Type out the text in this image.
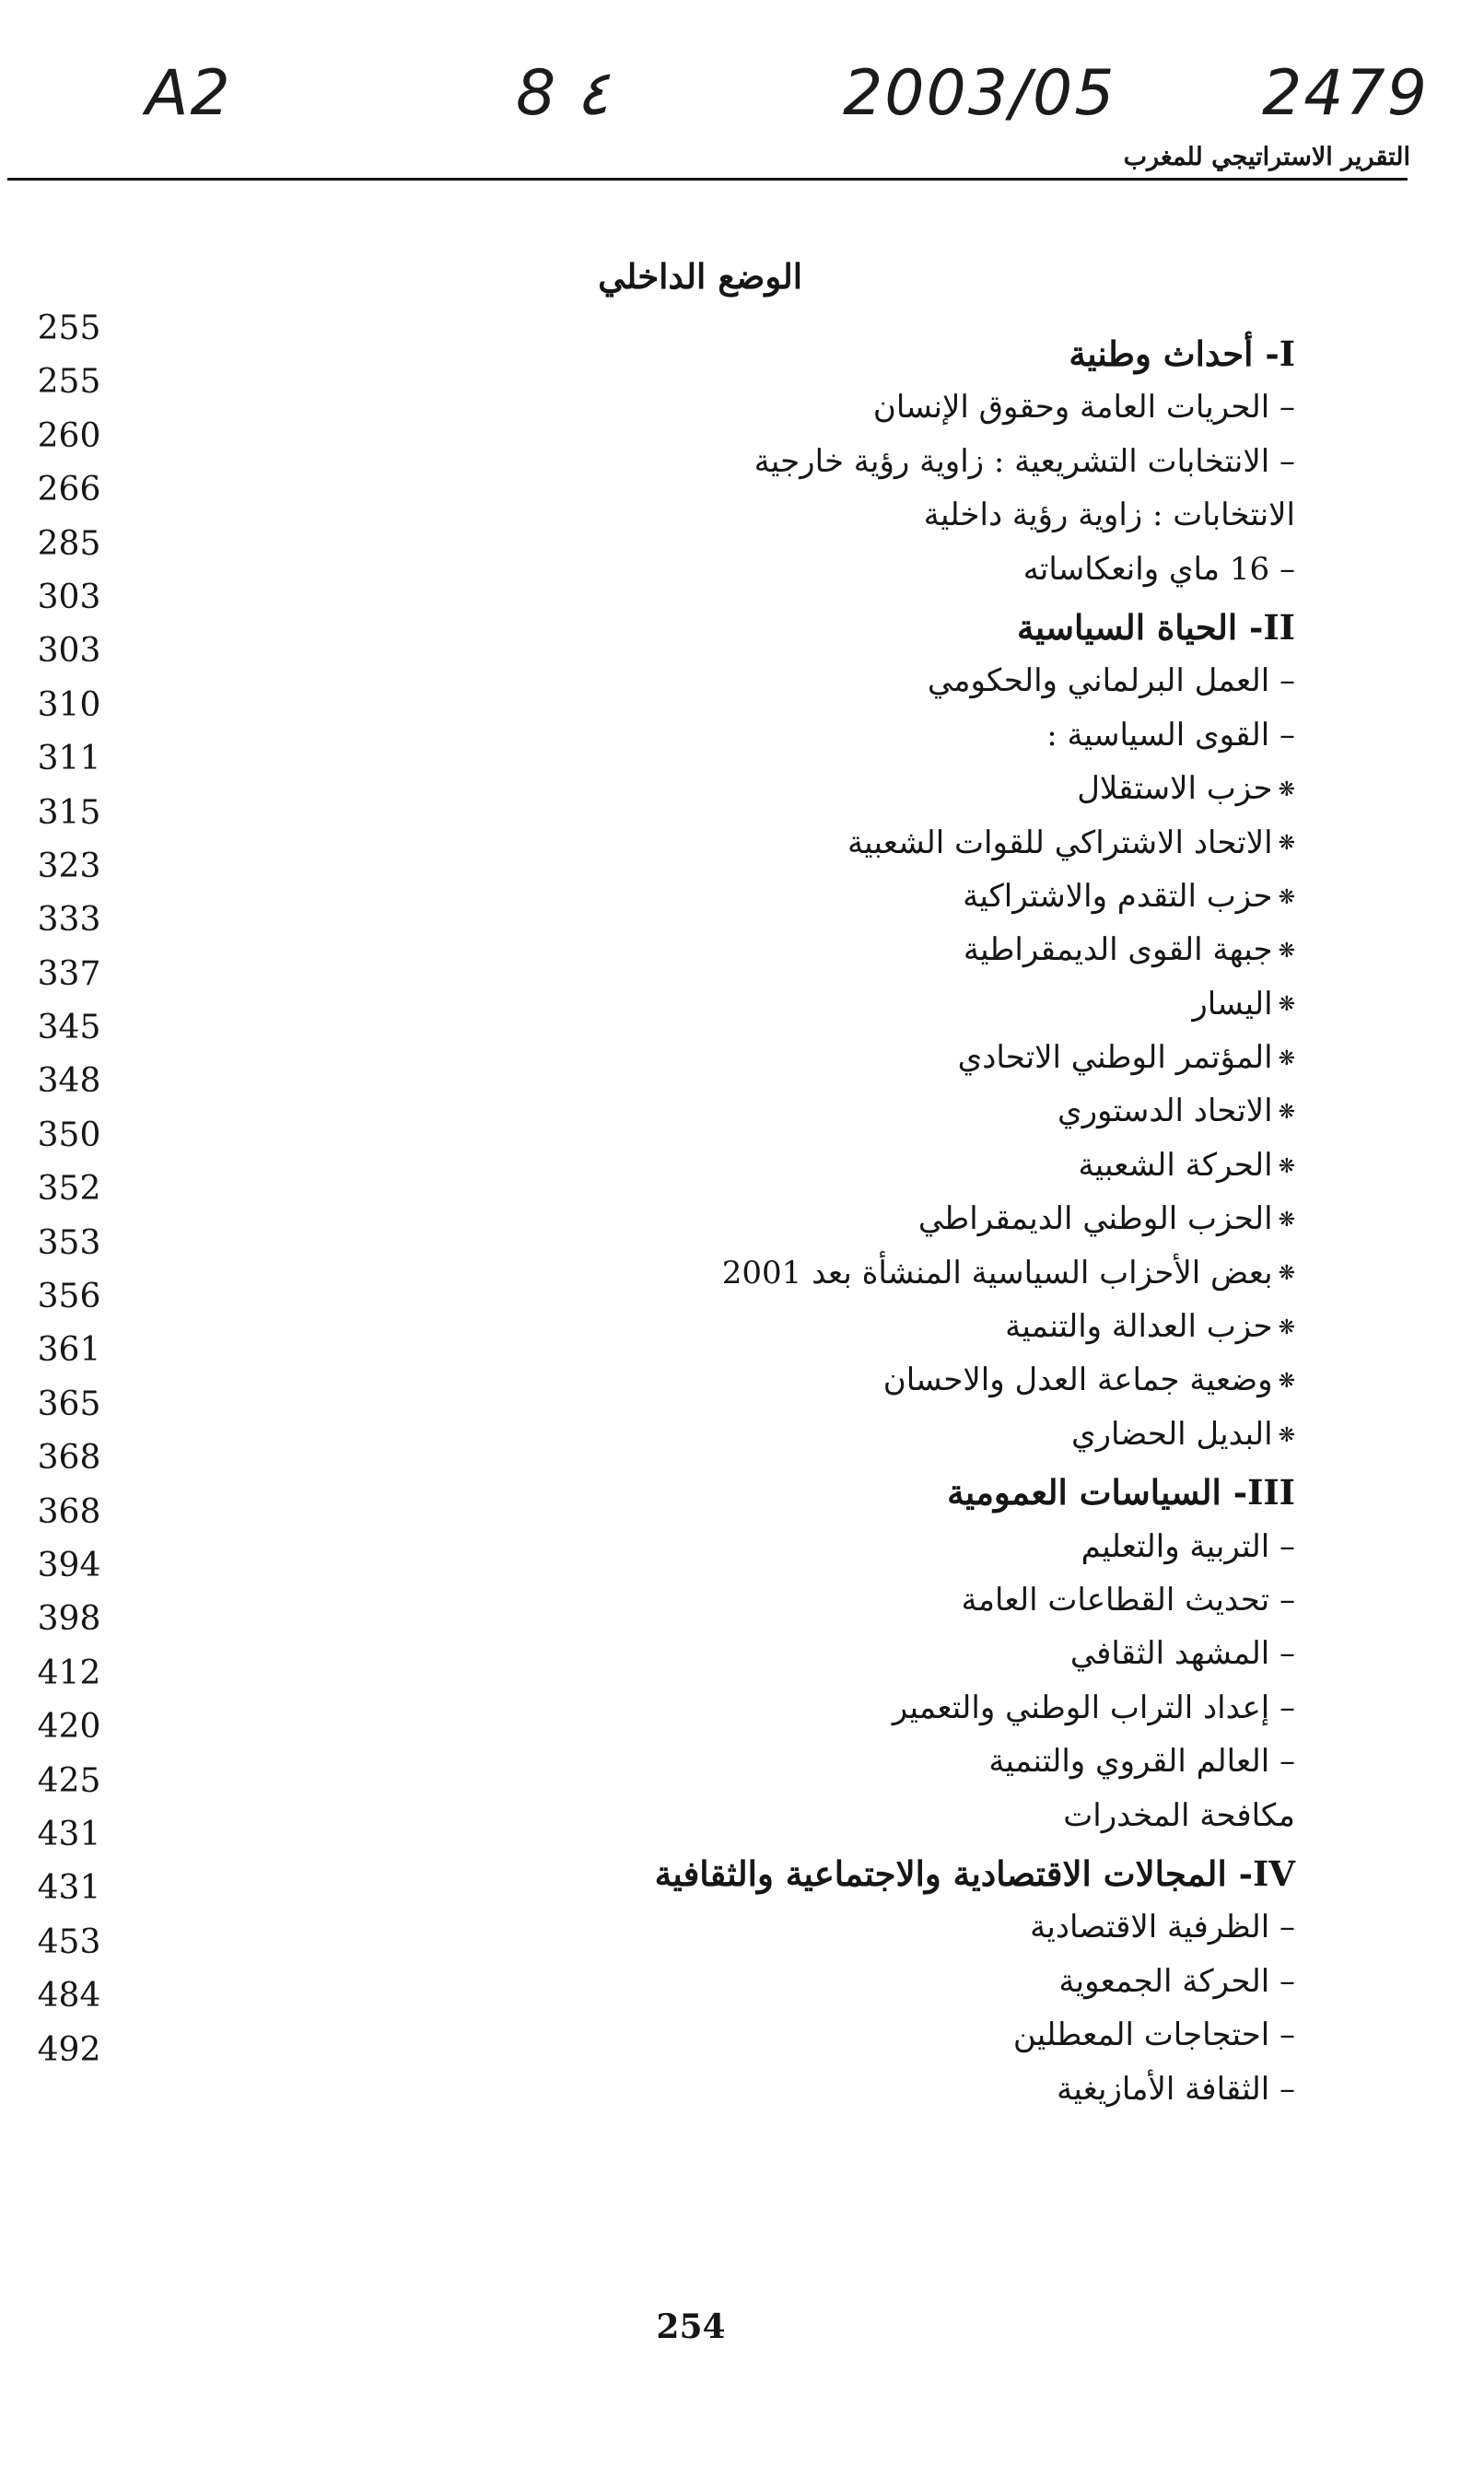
A2	8 ٤	2003/05 2479
التقرير الاستراتيجي للمغرب
الوضع الداخلي
255
255
260
266
285
303
303
310
311
315
323
333
337
345
348
350
352
353
356
361
365
368
368
394
398
412
420
425
431
431
453
484
492
I- أحداث وطنية
– الحريات العامة وحقوق الإنسان
– الانتخابات التشريعية : زاوية رؤية خارجية
الانتخابات : زاوية رؤية داخلية
– 16 ماي وانعكاساته
II- الحياة السياسية
– العمل البرلماني والحكومي
– القوى السياسية :
❋حزب الاستقلال
❋الاتحاد الاشتراكي للقوات الشعبية
❋حزب التقدم والاشتراكية
❋جبهة القوى الديمقراطية
❋اليسار
❋المؤتمر الوطني الاتحادي
❋الاتحاد الدستوري
❋الحركة الشعبية
❋الحزب الوطني الديمقراطي
❋بعض الأحزاب السياسية المنشأة بعد 2001
❋حزب العدالة والتنمية
❋وضعية جماعة العدل والاحسان
❋البديل الحضاري
III- السياسات العمومية
– التربية والتعليم
– تحديث القطاعات العامة
– المشهد الثقافي
– إعداد التراب الوطني والتعمير
– العالم القروي والتنمية
مكافحة المخدرات
IV- المجالات الاقتصادية والاجتماعية والثقافية
– الظرفية الاقتصادية
– الحركة الجمعوية
– احتجاجات المعطلين
– الثقافة الأمازيغية
254
